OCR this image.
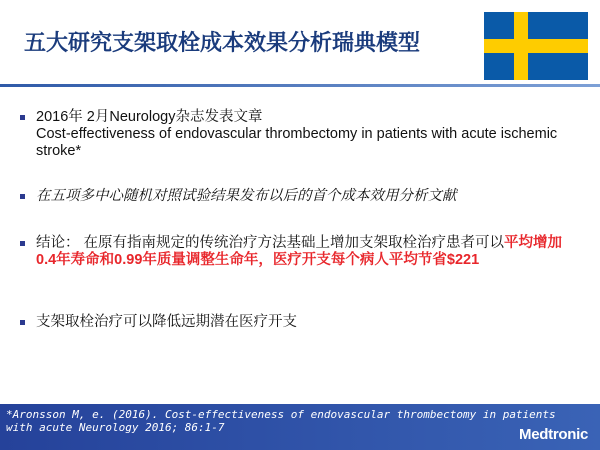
五大研究支架取栓成本效果分析瑞典模型
2016年 2月Neurology杂志发表文章
Cost-effectiveness of endovascular thrombectomy in patients with acute ischemic stroke*
在五项多中心随机对照试验结果发布以后的首个成本效用分析文献
结论： 在原有指南规定的传统治疗方法基础上增加支架取栓治疗患者可以平均增加0.4年寿命和0.99年质量调整生命年，医疗开支每个病人平均节省$221
支架取栓治疗可以降低远期潜在医疗开支
*Aronsson M, e. (2016). Cost-effectiveness of endovascular thrombectomy in patients with acute Neurology 2016; 86:1-7	Medtronic
